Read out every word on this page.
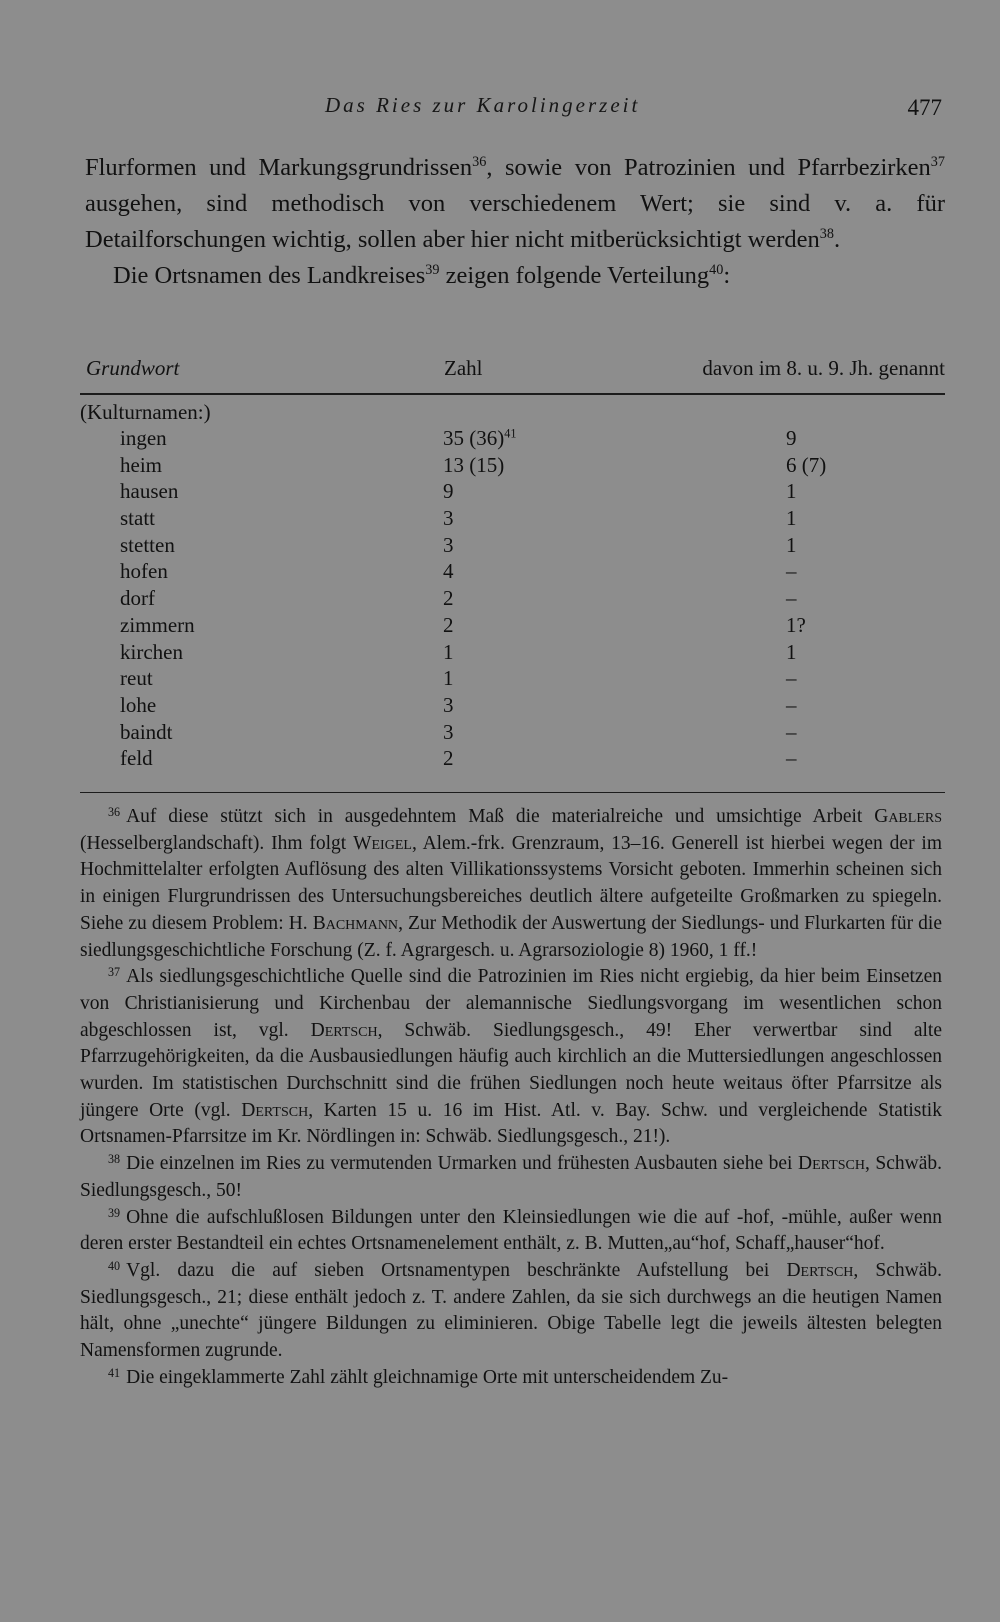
Das Ries zur Karolingerzeit	477

Flurformen und Markungsgrundrissen$^{36}$, sowie von Patrozinien und Pfarrbezirken$^{37}$ ausgehen, sind methodisch von verschiedenem Wert; sie sind v. a. für Detailforschungen wichtig, sollen aber hier nicht mitberücksichtigt werden$^{38}$.

Die Ortsnamen des Landkreises$^{39}$ zeigen folgende Verteilung$^{40}$:

Grundwort	Zahl	davon im 8. u. 9. Jh. genannt
(Kulturnamen:)
ingen	35 $(36)^{41}$	9
heim	13 (15)	6 (7)
hausen	9	1
statt	3	1
stetten	3	1
hofen	4	–
dorf	2	–
zimmern	2	1?
kirchen	1	1
reut	1	–
lohe	3	–
baindt	3	–
feld	2	–

$^{36}$ Auf diese stützt sich in ausgedehntem Maß die materialreiche und umsichtige Arbeit Gablers (Hesselberglandschaft). Ihm folgt Weigel, Alem.-frk. Grenzraum, 13–16. Generell ist hierbei wegen der im Hochmittelalter erfolgten Auflösung des alten Villikationssystems Vorsicht geboten. Immerhin scheinen sich in einigen Flurgrundrissen des Untersuchungsbereiches deutlich ältere aufgeteilte Großmarken zu spiegeln. Siehe zu diesem Problem: H. Bachmann, Zur Methodik der Auswertung der Siedlungs- und Flurkarten für die siedlungsgeschichtliche Forschung (Z. f. Agrargesch. u. Agrarsoziologie 8) 1960, 1 ff.!

$^{37}$ Als siedlungsgeschichtliche Quelle sind die Patrozinien im Ries nicht ergiebig, da hier beim Einsetzen von Christianisierung und Kirchenbau der alemannische Siedlungsvorgang im wesentlichen schon abgeschlossen ist, vgl. Dertsch, Schwäb. Siedlungsgesch., 49! Eher verwertbar sind alte Pfarrzugehörigkeiten, da die Ausbausiedlungen häufig auch kirchlich an die Muttersiedlungen angeschlossen wurden. Im statistischen Durchschnitt sind die frühen Siedlungen noch heute weitaus öfter Pfarrsitze als jüngere Orte (vgl. Dertsch, Karten 15 u. 16 im Hist. Atl. v. Bay. Schw. und vergleichende Statistik Ortsnamen-Pfarrsitze im Kr. Nördlingen in: Schwäb. Siedlungsgesch., 21!).

$^{38}$ Die einzelnen im Ries zu vermutenden Urmarken und frühesten Ausbauten siehe bei Dertsch, Schwäb. Siedlungsgesch., 50!

$^{39}$ Ohne die aufschlußlosen Bildungen unter den Kleinsiedlungen wie die auf -hof, -mühle, außer wenn deren erster Bestandteil ein echtes Ortsnamenelement enthält, z. B. Mutten„au“hof, Schaff„hauser“hof.

$^{40}$ Vgl. dazu die auf sieben Ortsnamentypen beschränkte Aufstellung bei Dertsch, Schwäb. Siedlungsgesch., 21; diese enthält jedoch z. T. andere Zahlen, da sie sich durchwegs an die heutigen Namen hält, ohne „unechte“ jüngere Bildungen zu eliminieren. Obige Tabelle legt die jeweils ältesten belegten Namensformen zugrunde.

$^{41}$ Die eingeklammerte Zahl zählt gleichnamige Orte mit unterscheidendem Zu-
